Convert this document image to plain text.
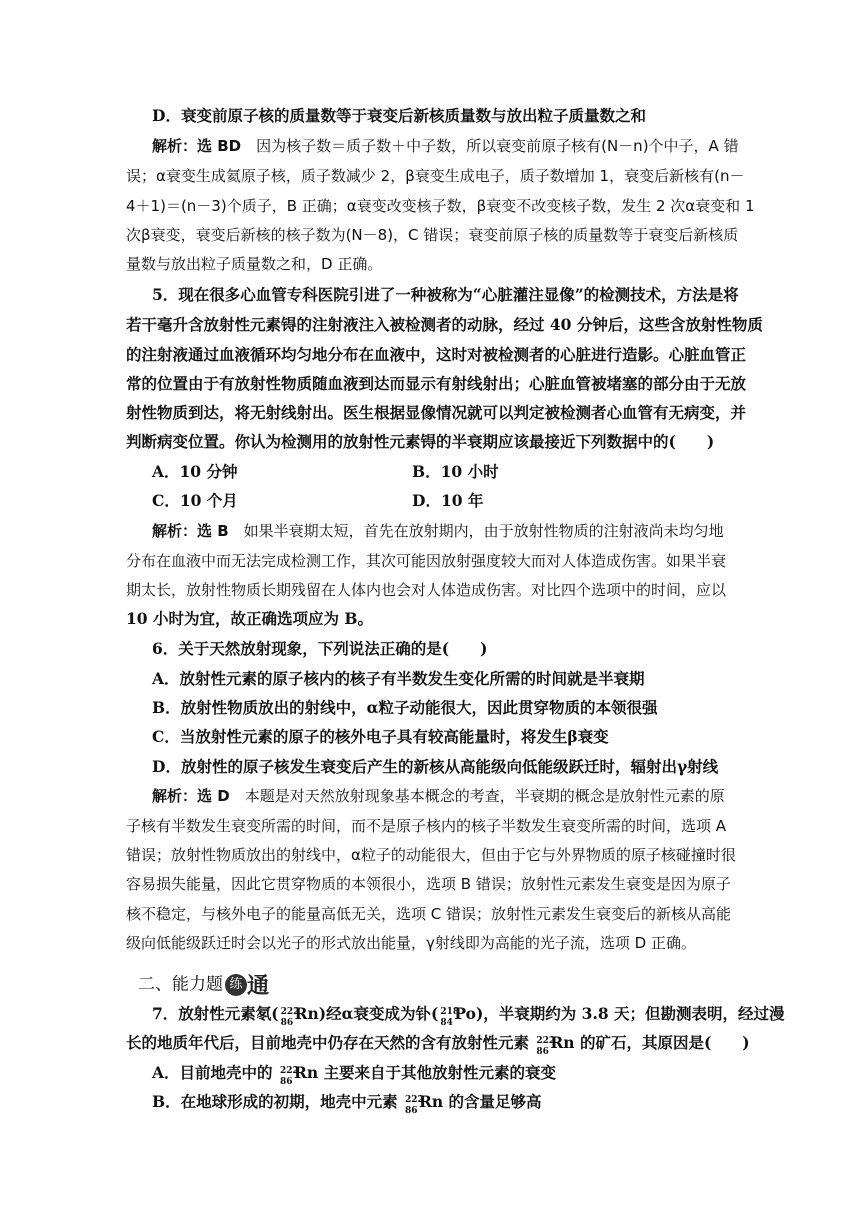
D．衰变前原子核的质量数等于衰变后新核质量数与放出粒子质量数之和
解析：选 BD　因为核子数＝质子数＋中子数，所以衰变前原子核有(N－n)个中子，A 错
误；α衰变生成氦原子核，质子数减少 2，β衰变生成电子，质子数增加 1，衰变后新核有(n－
4＋1)＝(n－3)个质子，B 正确；α衰变改变核子数，β衰变不改变核子数，发生 2 次α衰变和 1
次β衰变，衰变后新核的核子数为(N－8)，C 错误；衰变前原子核的质量数等于衰变后新核质
量数与放出粒子质量数之和，D 正确。
5．现在很多心血管专科医院引进了一种被称为“心脏灌注显像”的检测技术，方法是将
若干毫升含放射性元素锝的注射液注入被检测者的动脉，经过 40 分钟后，这些含放射性物质
的注射液通过血液循环均匀地分布在血液中，这时对被检测者的心脏进行造影。心脏血管正
常的位置由于有放射性物质随血液到达而显示有射线射出；心脏血管被堵塞的部分由于无放
射性物质到达，将无射线射出。医生根据显像情况就可以判定被检测者心血管有无病变，并
判断病变位置。你认为检测用的放射性元素锝的半衰期应该最接近下列数据中的(　　)
A．10 分钟	B．10 小时
C．10 个月	D．10 年
解析：选 B　如果半衰期太短，首先在放射期内，由于放射性物质的注射液尚未均匀地
分布在血液中而无法完成检测工作，其次可能因放射强度较大而对人体造成伤害。如果半衰
期太长，放射性物质长期残留在人体内也会对人体造成伤害。对比四个选项中的时间，应以
10 小时为宜，故正确选项应为 B。
6．关于天然放射现象，下列说法正确的是(　　)
A．放射性元素的原子核内的核子有半数发生变化所需的时间就是半衰期
B．放射性物质放出的射线中，α粒子动能很大，因此贯穿物质的本领很强
C．当放射性元素的原子的核外电子具有较高能量时，将发生β衰变
D．放射性的原子核发生衰变后产生的新核从高能级向低能级跃迁时，辐射出γ射线
解析：选 D　本题是对天然放射现象基本概念的考查，半衰期的概念是放射性元素的原
子核有半数发生衰变所需的时间，而不是原子核内的核子半数发生衰变所需的时间，选项 A
错误；放射性物质放出的射线中，α粒子的动能很大，但由于它与外界物质的原子核碰撞时很
容易损失能量，因此它贯穿物质的本领很小，选项 B 错误；放射性元素发生衰变是因为原子
核不稳定，与核外电子的能量高低无关，选项 C 错误；放射性元素发生衰变后的新核从高能
级向低能级跃迁时会以光子的形式放出能量，γ射线即为高能的光子流，选项 D 正确。
二、能力题 练 通
7．放射性元素氡( 222
86 Rn)经α衰变成为钋( 218
84 Po)，半衰期约为 3.8 天；但勘测表明，经过漫
长的地质年代后，目前地壳中仍存在天然的含有放射性元素 222
86 Rn 的矿石，其原因是(　　)
A．目前地壳中的 222
86 Rn 主要来自于其他放射性元素的衰变
B．在地球形成的初期，地壳中元素 222
86 Rn 的含量足够高
